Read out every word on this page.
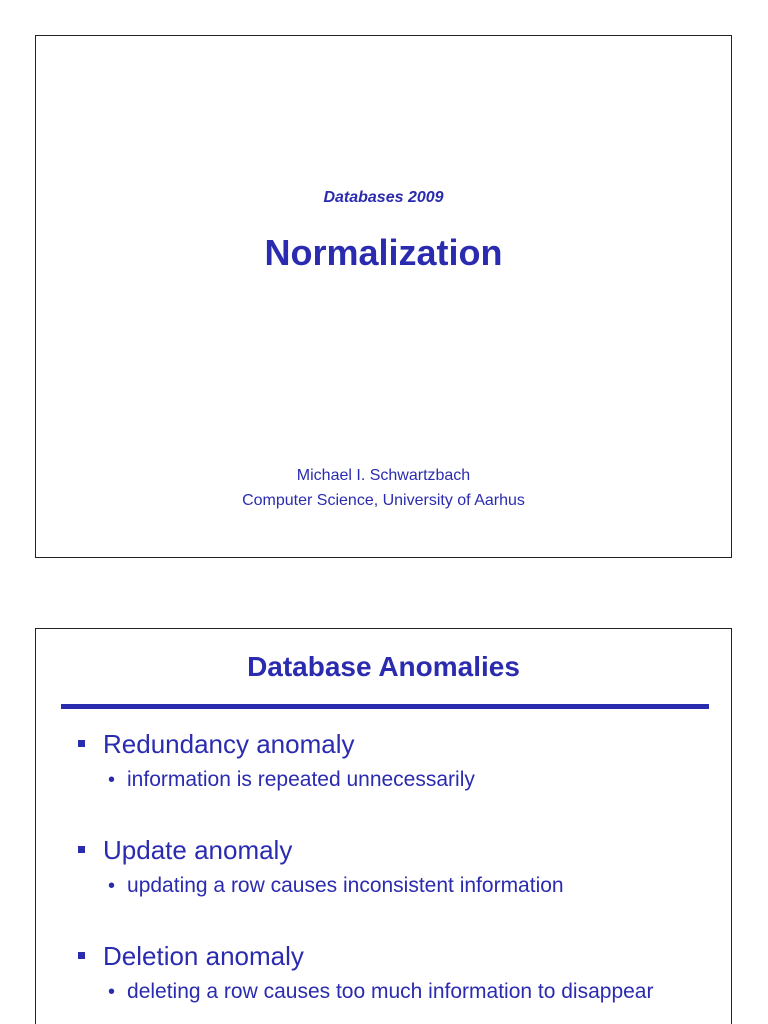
Databases 2009
Normalization
Michael I. Schwartzbach
Computer Science, University of Aarhus
Database Anomalies
Redundancy anomaly
• information is repeated unnecessarily
Update anomaly
• updating a row causes inconsistent information
Deletion anomaly
• deleting a row causes too much information to disappear
